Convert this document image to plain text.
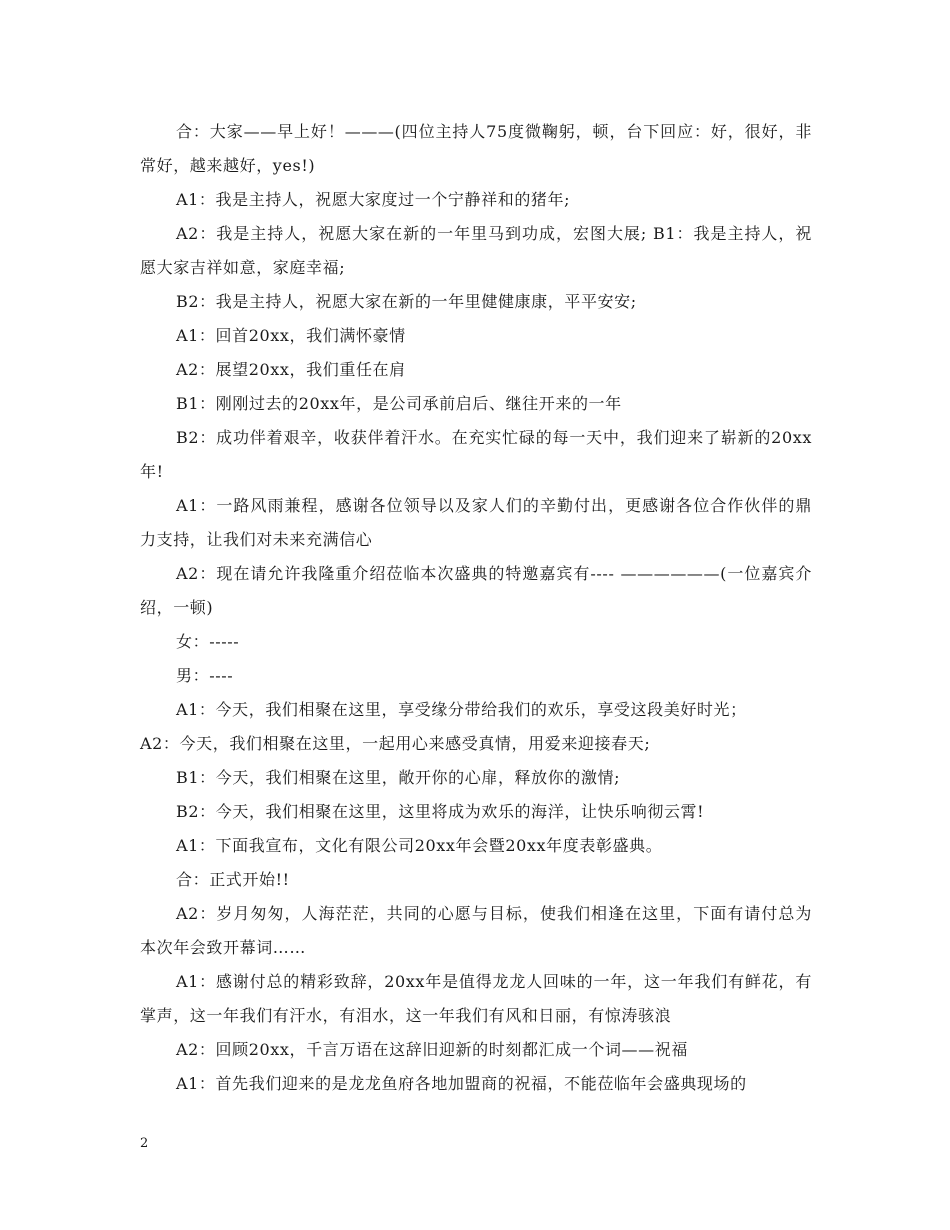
合：大家——早上好！———(四位主持人75度微鞠躬，顿，台下回应：好，很好，非常好，越来越好，yes!)

A1：我是主持人，祝愿大家度过一个宁静祥和的猪年;

A2：我是主持人，祝愿大家在新的一年里马到功成，宏图大展; B1：我是主持人，祝愿大家吉祥如意，家庭幸福;

B2：我是主持人，祝愿大家在新的一年里健健康康，平平安安;

A1：回首20xx，我们满怀豪情

A2：展望20xx，我们重任在肩

B1：刚刚过去的20xx年，是公司承前启后、继往开来的一年

B2：成功伴着艰辛，收获伴着汗水。在充实忙碌的每一天中，我们迎来了崭新的20xx年!

A1：一路风雨兼程，感谢各位领导以及家人们的辛勤付出，更感谢各位合作伙伴的鼎力支持，让我们对未来充满信心

A2：现在请允许我隆重介绍莅临本次盛典的特邀嘉宾有---- ——————(一位嘉宾介绍，一顿)

女：-----

男：----

A1：今天，我们相聚在这里，享受缘分带给我们的欢乐，享受这段美好时光；

A2：今天，我们相聚在这里，一起用心来感受真情，用爱来迎接春天;

B1：今天，我们相聚在这里，敞开你的心扉，释放你的激情;

B2：今天，我们相聚在这里，这里将成为欢乐的海洋，让快乐响彻云霄!

A1：下面我宣布，文化有限公司20xx年会暨20xx年度表彰盛典。

合：正式开始!!

A2：岁月匆匆，人海茫茫，共同的心愿与目标，使我们相逢在这里，下面有请付总为本次年会致开幕词……

A1：感谢付总的精彩致辞，20xx年是值得龙龙人回味的一年，这一年我们有鲜花，有掌声，这一年我们有汗水，有泪水，这一年我们有风和日丽，有惊涛骇浪

A2：回顾20xx，千言万语在这辞旧迎新的时刻都汇成一个词——祝福

A1：首先我们迎来的是龙龙鱼府各地加盟商的祝福，不能莅临年会盛典现场的

2
